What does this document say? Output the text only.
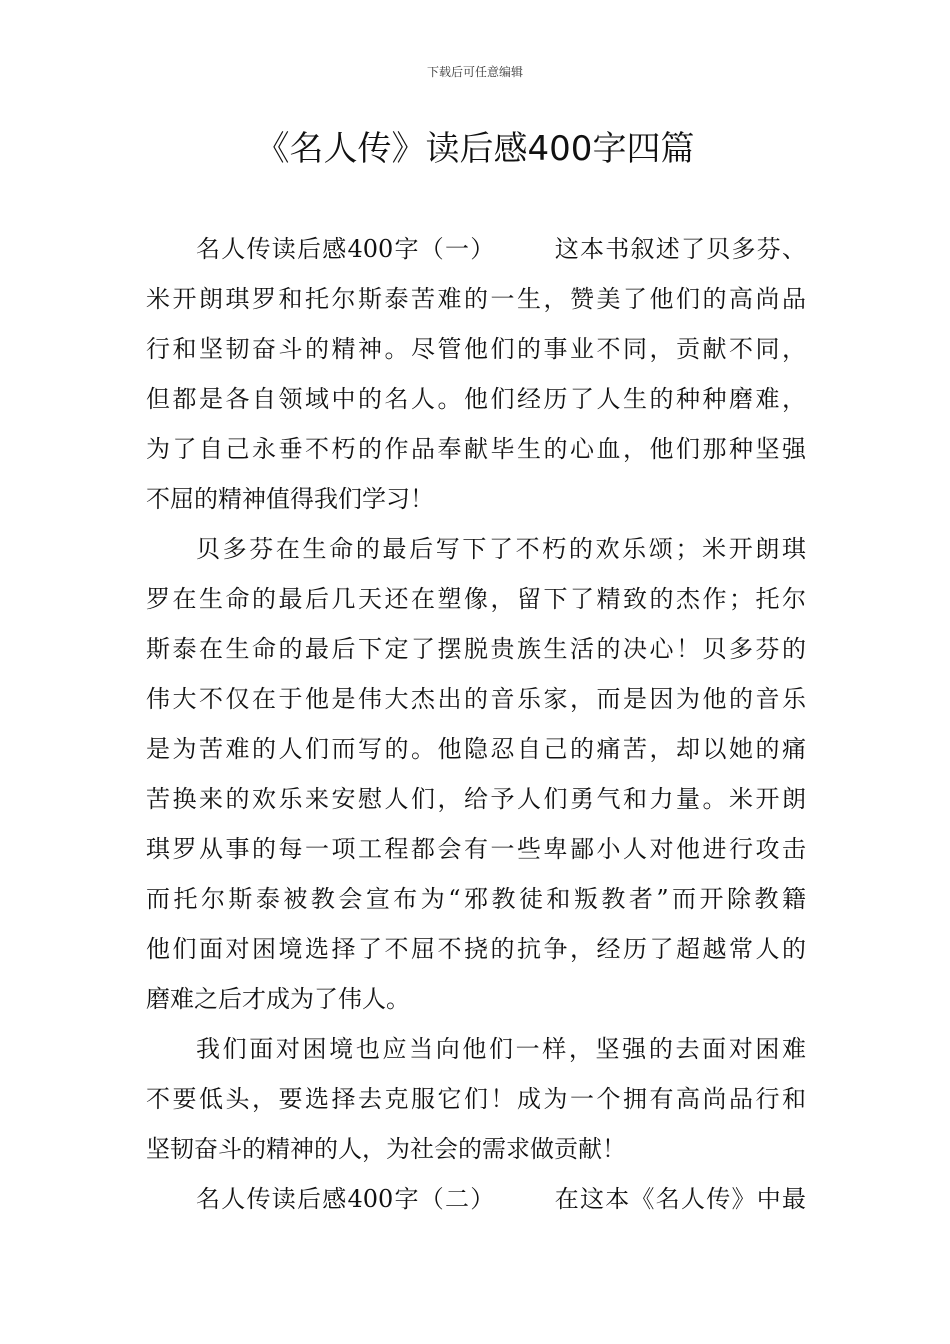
下载后可任意编辑
《名人传》读后感400字四篇
名人传读后感400字（一） 这本书叙述了贝多芬、
米开朗琪罗和托尔斯泰苦难的一生，赞美了他们的高尚品
行和坚韧奋斗的精神。尽管他们的事业不同，贡献不同，
但都是各自领域中的名人。他们经历了人生的种种磨难，
为了自己永垂不朽的作品奉献毕生的心血，他们那种坚强
不屈的精神值得我们学习！
贝多芬在生命的最后写下了不朽的欢乐颂；米开朗琪
罗在生命的最后几天还在塑像，留下了精致的杰作；托尔
斯泰在生命的最后下定了摆脱贵族生活的决心！贝多芬的
伟大不仅在于他是伟大杰出的音乐家，而是因为他的音乐
是为苦难的人们而写的。他隐忍自己的痛苦，却以她的痛
苦换来的欢乐来安慰人们，给予人们勇气和力量。米开朗
琪罗从事的每一项工程都会有一些卑鄙小人对他进行攻击
而托尔斯泰被教会宣布为“邪教徒和叛教者”而开除教籍
他们面对困境选择了不屈不挠的抗争，经历了超越常人的
磨难之后才成为了伟人。
我们面对困境也应当向他们一样，坚强的去面对困难
不要低头，要选择去克服它们！成为一个拥有高尚品行和
坚韧奋斗的精神的人，为社会的需求做贡献！
名人传读后感400字（二） 在这本《名人传》中最
